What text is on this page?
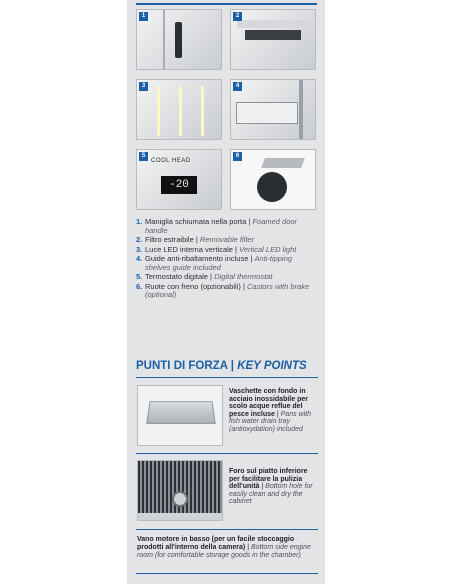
1	2
3	4
COOL HEAD
-20
5	6
1. Maniglia schiumata nella porta | Foamed door handle
2. Filtro estraibile | Removable filter
3. Luce LED interna verticale | Vertical LED light
4. Guide anti-ribaltamento incluse | Anti-tipping shelves guide included
5. Termostato digitale | Digital thermostat
6. Ruote con freno (opzionabili) | Castors with brake (optional)
PUNTI DI FORZA | KEY POINTS
Vaschette con fondo in acciaio inossidabile per scolo acque reflue del pesce incluse | Pans with fish water drain tray (antioxydation) included
Foro sul piatto inferiore per facilitare la pulizia dell'unità | Bottom hole for easily clean and dry the cabinet
Vano motore in basso (per un facile stoccaggio prodotti all'interno della camera) | Bottom side engine room (for comfortable storage goods in the chamber)
